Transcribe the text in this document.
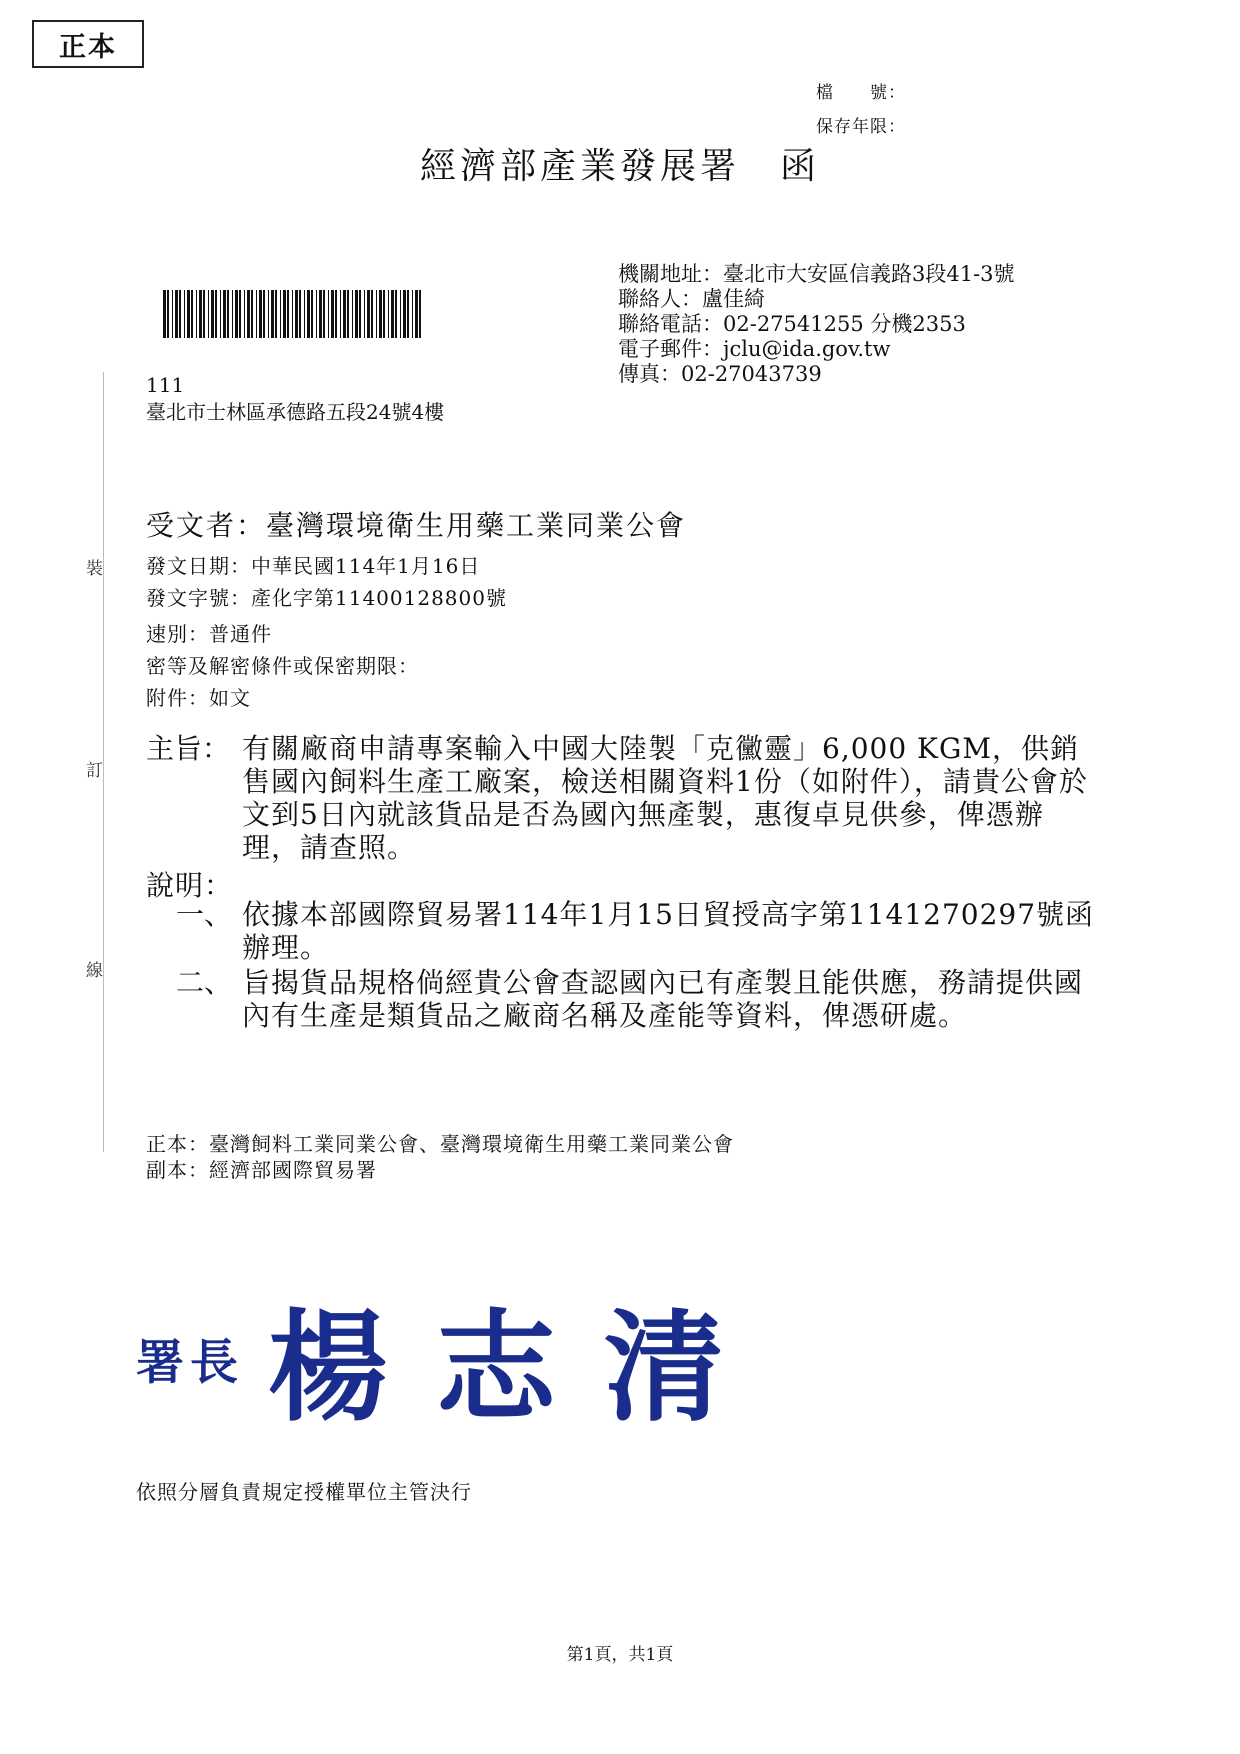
正本
檔　　號：
保存年限：
經濟部產業發展署　函
機關地址：臺北市大安區信義路3段41-3號
聯絡人：盧佳綺
聯絡電話：02-27541255 分機2353
電子郵件：jclu@ida.gov.tw
傳真：02-27043739
111
臺北市士林區承德路五段24號4樓
裝
訂
線
受文者：臺灣環境衛生用藥工業同業公會
發文日期：中華民國114年1月16日
發文字號：產化字第11400128800號
速別：普通件
密等及解密條件或保密期限：
附件：如文
主旨： 有關廠商申請專案輸入中國大陸製「克黴靈」6,000 KGM，供銷售國內飼料生產工廠案，檢送相關資料1份（如附件），請貴公會於文到5日內就該貨品是否為國內無產製，惠復卓見供參，俾憑辦理，請查照。
說明：
一、 依據本部國際貿易署114年1月15日貿授高字第1141270297號函辦理。
二、 旨揭貨品規格倘經貴公會查認國內已有產製且能供應，務請提供國內有生產是類貨品之廠商名稱及產能等資料，俾憑研處。
正本：臺灣飼料工業同業公會、臺灣環境衛生用藥工業同業公會
副本：經濟部國際貿易署
署長 楊志清
依照分層負責規定授權單位主管決行
第1頁，共1頁
